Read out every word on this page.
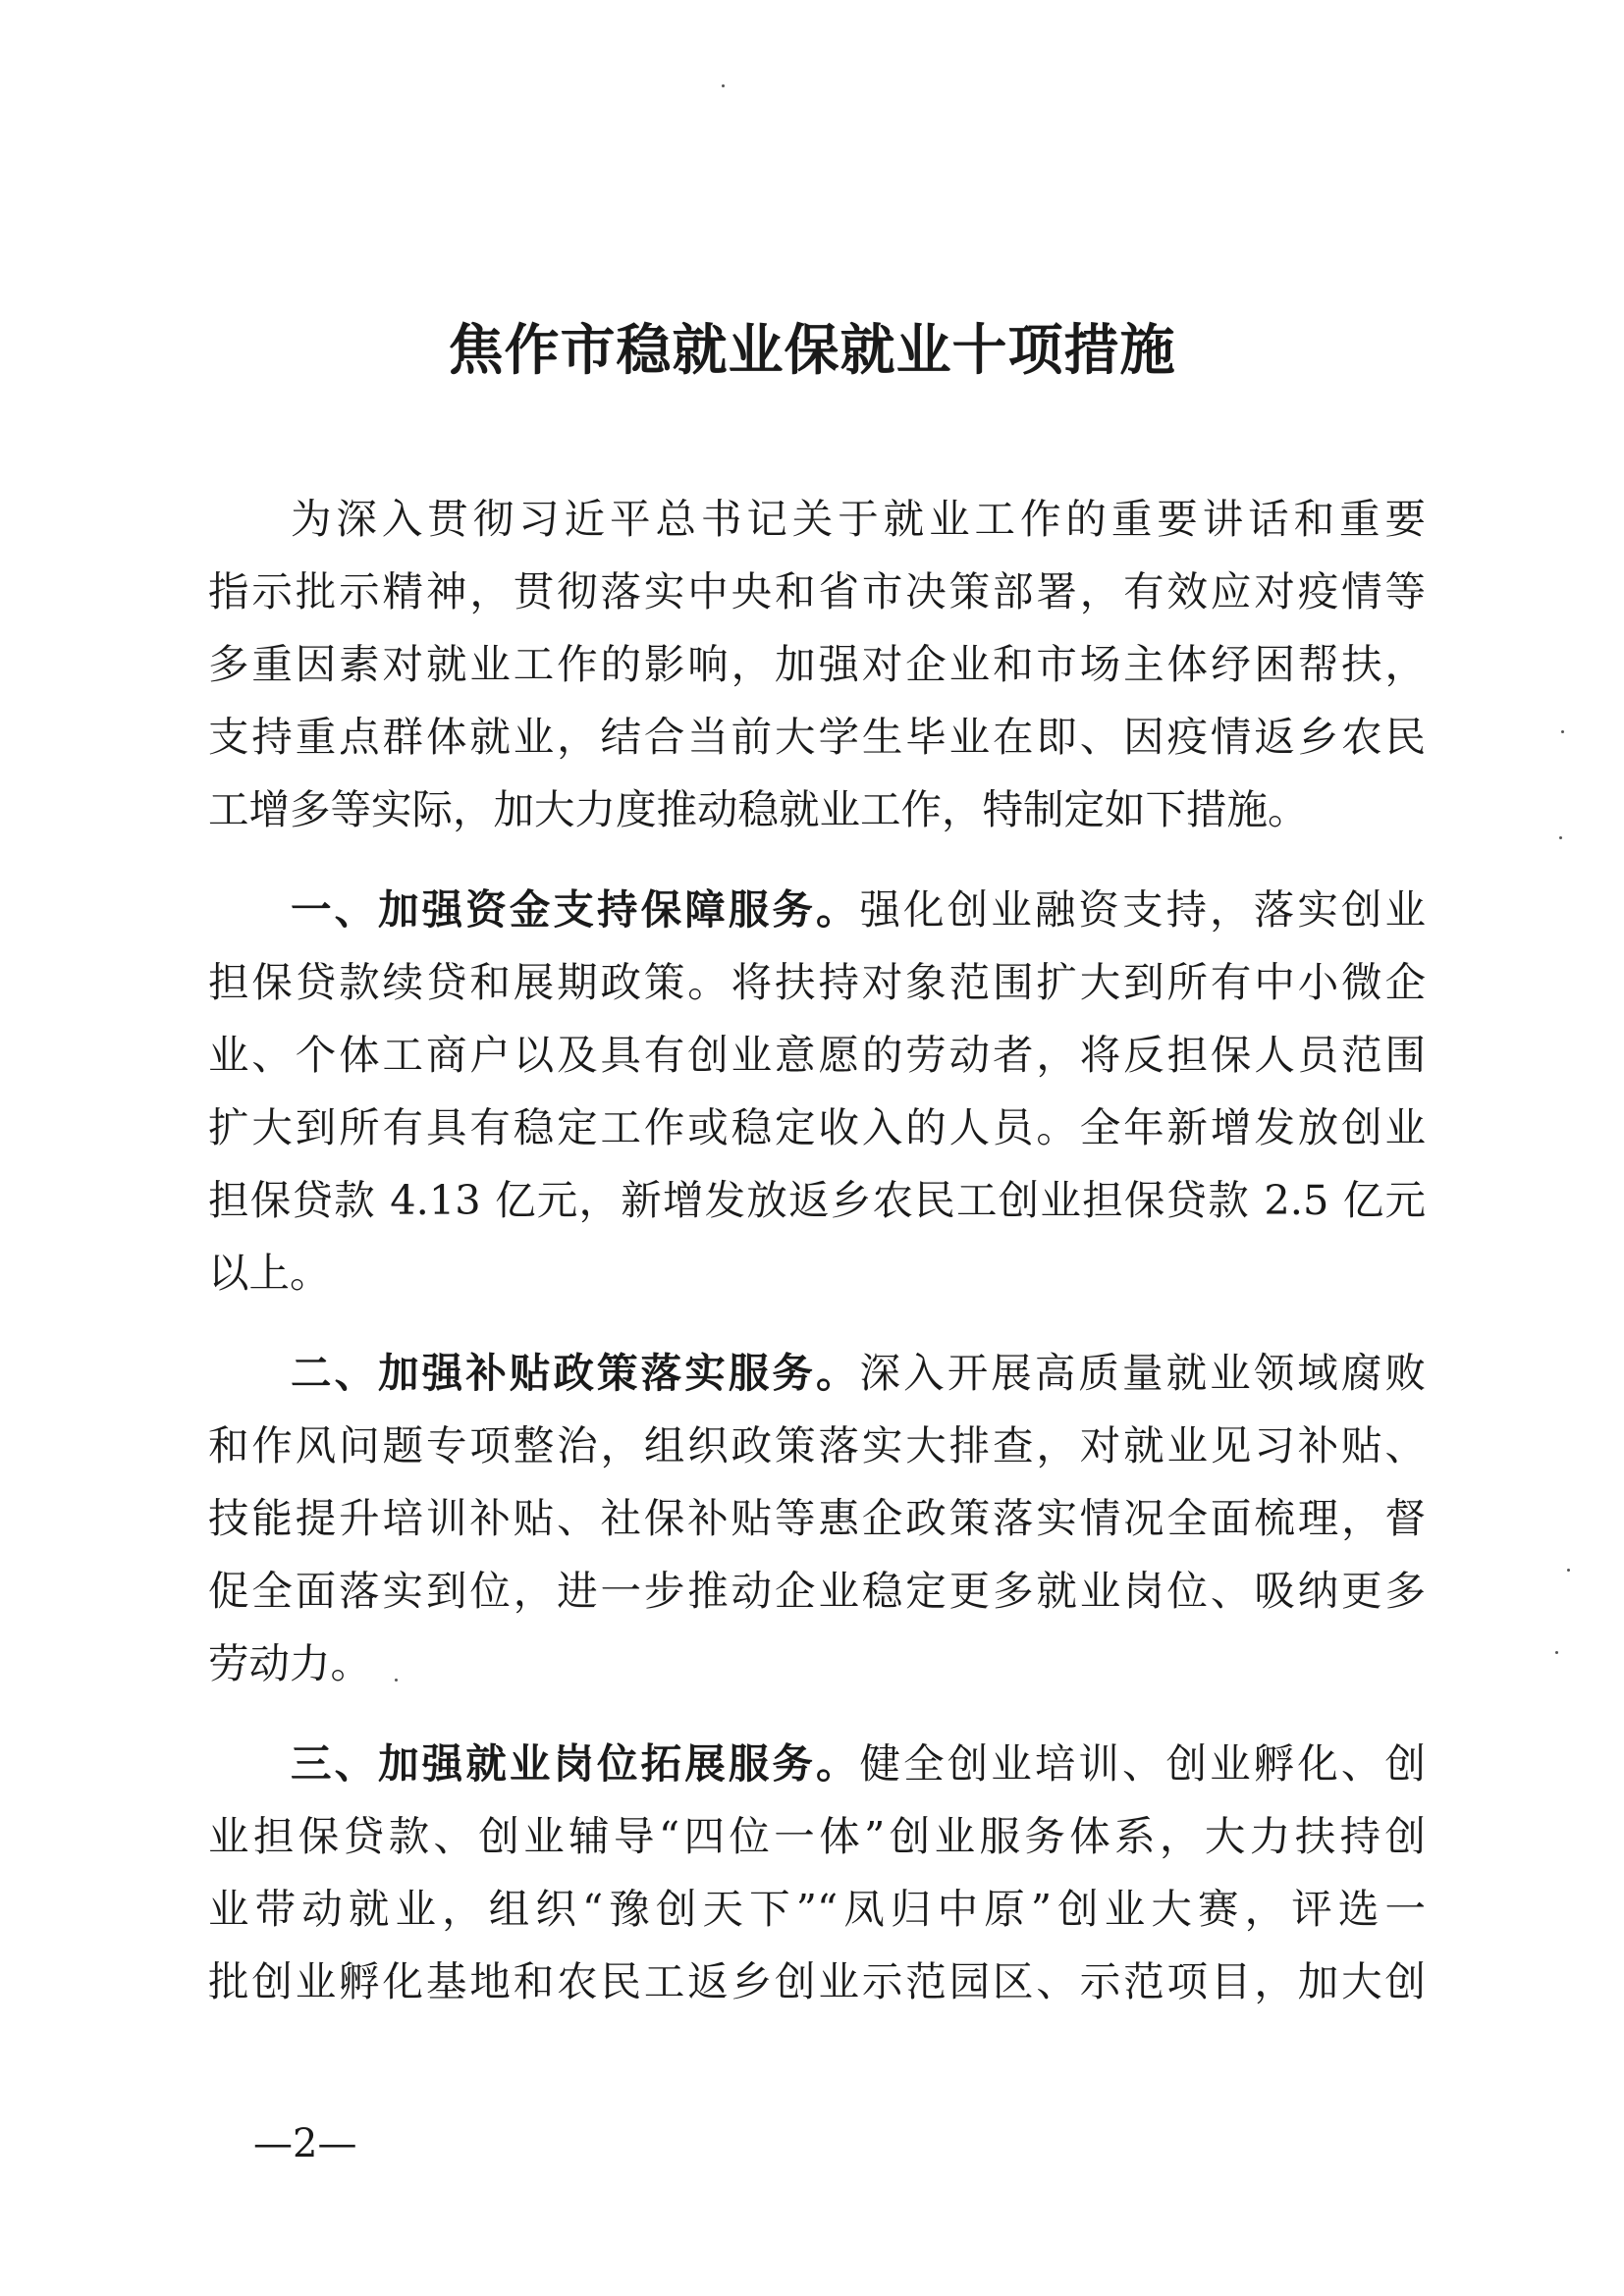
焦作市稳就业保就业十项措施
为深入贯彻习近平总书记关于就业工作的重要讲话和重要
指示批示精神，贯彻落实中央和省市决策部署，有效应对疫情等
多重因素对就业工作的影响，加强对企业和市场主体纾困帮扶，
支持重点群体就业，结合当前大学生毕业在即、因疫情返乡农民
工增多等实际，加大力度推动稳就业工作，特制定如下措施。
一、加强资金支持保障服务。强化创业融资支持，落实创业
担保贷款续贷和展期政策。将扶持对象范围扩大到所有中小微企
业、个体工商户以及具有创业意愿的劳动者，将反担保人员范围
扩大到所有具有稳定工作或稳定收入的人员。全年新增发放创业
担保贷款 4.13 亿元，新增发放返乡农民工创业担保贷款 2.5 亿元
以上。
二、加强补贴政策落实服务。深入开展高质量就业领域腐败
和作风问题专项整治，组织政策落实大排查，对就业见习补贴、
技能提升培训补贴、社保补贴等惠企政策落实情况全面梳理，督
促全面落实到位，进一步推动企业稳定更多就业岗位、吸纳更多
劳动力。
三、加强就业岗位拓展服务。健全创业培训、创业孵化、创
业担保贷款、创业辅导“四位一体”创业服务体系，大力扶持创
业带动就业，组织“豫创天下”“凤归中原”创业大赛，评选一
批创业孵化基地和农民工返乡创业示范园区、示范项目，加大创
—2—
